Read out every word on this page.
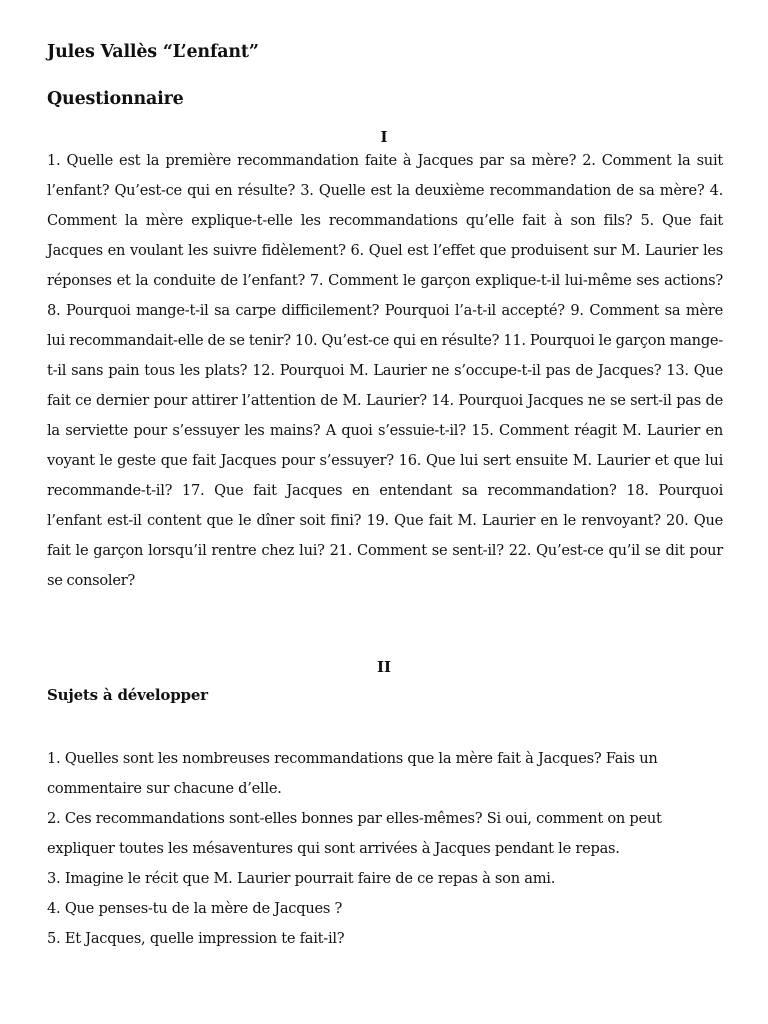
Jules Vallès “L’enfant”
Questionnaire
I

1. Quelle est la première recommandation faite à Jacques par sa mère? 2. Comment la suit l’enfant? Qu’est-ce qui en résulte? 3. Quelle est la deuxième recommandation de sa mère? 4. Comment la mère explique-t-elle les recommandations qu’elle fait à son fils? 5. Que fait Jacques en voulant les suivre fidèlement? 6. Quel est l’effet que produisent sur M. Laurier les réponses et la conduite de l’enfant? 7. Comment le garçon explique-t-il lui-même ses actions? 8. Pourquoi mange-t-il sa carpe difficilement? Pourquoi l’a-t-il accepté? 9. Comment sa mère lui recommandait-elle de se tenir? 10. Qu’est-ce qui en résulte? 11. Pourquoi le garçon mange-t-il sans pain tous les plats? 12. Pourquoi M. Laurier ne s’occupe-t-il pas de Jacques? 13. Que fait ce dernier pour attirer l’attention de M. Laurier? 14. Pourquoi Jacques ne se sert-il pas de la serviette pour s’essuyer les mains? A quoi s’essuie-t-il? 15. Comment réagit M. Laurier en voyant le geste que fait Jacques pour s’essuyer? 16. Que lui sert ensuite M. Laurier et que lui recommande-t-il? 17. Que fait Jacques en entendant sa recommandation? 18. Pourquoi l’enfant est-il content que le dîner soit fini? 19. Que fait M. Laurier en le renvoyant? 20. Que fait le garçon lorsqu’il rentre chez lui? 21. Comment se sent-il? 22. Qu’est-ce qu’il se dit pour se consoler?

II
Sujets à développer
1. Quelles sont les nombreuses recommandations que la mère fait à Jacques? Fais un commentaire sur chacune d’elle.
2. Ces recommandations sont-elles bonnes par elles-mêmes? Si oui, comment on peut expliquer toutes les mésaventures qui sont arrivées à Jacques pendant le repas.
3. Imagine le récit que M. Laurier pourrait faire de ce repas à son ami.
4. Que penses-tu de la mère de Jacques ?
5. Et Jacques, quelle impression te fait-il?
